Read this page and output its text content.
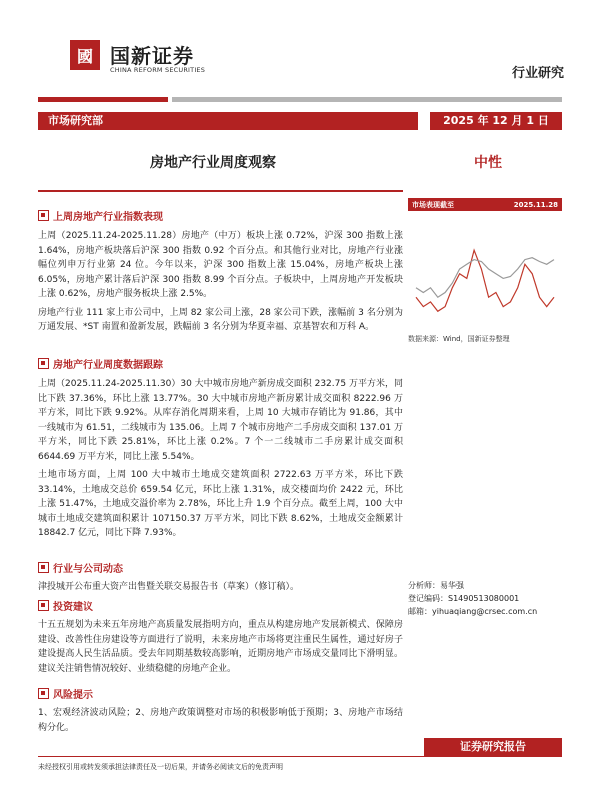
國 国新证券
CHINA REFORM SECURITIES	行业研究
市场研究部	2025 年 12 月 1 日
房地产行业周度观察	中性
上周房地产行业指数表现

上周（2025.11.24-2025.11.28）房地产（中万）板块上涨 0.72%，沪深 300 指数上涨 1.64%，房地产板块落后沪深 300 指数 0.92 个百分点。和其他行业对比，房地产行业涨幅位列申万行业第 24 位。今年以来，沪深 300 指数上涨 15.04%，房地产板块上涨 6.05%，房地产累计落后沪深 300 指数 8.99 个百分点。子板块中，上周房地产开发板块上涨 0.62%，房地产服务板块上涨 2.5%。

房地产行业 111 家上市公司中，上周 82 家公司上涨，28 家公司下跌，涨幅前 3 名分别为万通发展、*ST 南置和盈新发展，跌幅前 3 名分别为华夏幸福、京基智农和万科 A。

房地产行业周度数据跟踪

上周（2025.11.24-2025.11.30）30 大中城市房地产新房成交面积 232.75 万平方米，同比下跌 37.36%，环比上涨 13.77%。30 大中城市房地产新房累计成交面积 8222.96 万平方米，同比下跌 9.92%。从库存消化周期来看，上周 10 大城市存销比为 91.86，其中一线城市为 61.51，二线城市为 135.06。上周 7 个城市房地产二手房成交面积 137.01 万平方米，同比下跌 25.81%，环比上涨 0.2%。7 个一二线城市二手房累计成交面积 6644.69 万平方米，同比上涨 5.54%。

土地市场方面，上周 100 大中城市土地成交建筑面积 2722.63 万平方米，环比下跌 33.14%，土地成交总价 659.54 亿元，环比上涨 1.31%，成交楼面均价 2422 元，环比上涨 51.47%，土地成交溢价率为 2.78%，环比上升 1.9 个百分点。截至上周，100 大中城市土地成交建筑面积累计 107150.37 万平方米，同比下跌 8.62%，土地成交金额累计 18842.7 亿元，同比下降 7.93%。

行业与公司动态

津投城开公布重大资产出售暨关联交易报告书（草案）（修订稿）。

投资建议

十五五规划为未来五年房地产高质量发展指明方向，重点从构建房地产发展新模式、保障房建设、改善性住房建设等方面进行了说明，未来房地产市场将更注重民生属性，通过好房子建设提高人民生活品质。受去年同期基数较高影响，近期房地产市场成交量同比下滑明显。建议关注销售情况较好、业绩稳健的房地产企业。

风险提示

1、宏观经济波动风险；2、房地产政策调整对市场的积极影响低于预期；3、房地产市场结构分化。

市场表现截至	2025.11.28
数据来源：Wind，国新证券整理
分析师：易华强
登记编码：S1490513080001
邮箱：yihuaqiang@crsec.com.cn
证券研究报告
未经授权引用或转发须承担法律责任及一切后果，并请务必阅读文后的免责声明
